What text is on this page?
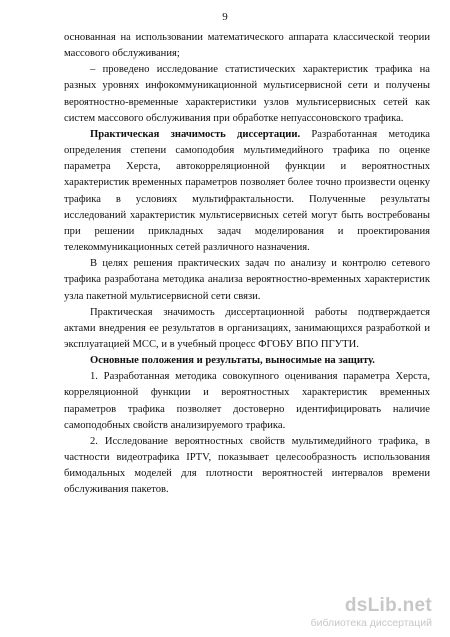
9

основанная на использовании математического аппарата классической теории массового обслуживания;

– проведено исследование статистических характеристик трафика на разных уровнях инфокоммуникационной мультисервисной сети и получены вероятностно-временные характеристики узлов мультисервисных сетей как систем массового обслуживания при обработке непуассоновского трафика.

Практическая значимость диссертации. Разработанная методика определения степени самоподобия мультимедийного трафика по оценке параметра Херста, автокорреляционной функции и вероятностных характеристик временных параметров позволяет более точно произвести оценку трафика в условиях мультифрактальности. Полученные результаты исследований характеристик мультисервисных сетей могут быть востребованы при решении прикладных задач моделирования и проектирования телекоммуникационных сетей различного назначения.

В целях решения практических задач по анализу и контролю сетевого трафика разработана методика анализа вероятностно-временных характеристик узла пакетной мультисервисной сети связи.

Практическая значимость диссертационной работы подтверждается актами внедрения ее результатов в организациях, занимающихся разработкой и эксплуатацией МСС, и в учебный процесс ФГОБУ ВПО ПГУТИ.

Основные положения и результаты, выносимые на защиту.

1. Разработанная методика совокупного оценивания параметра Херста, корреляционной функции и вероятностных характеристик временных параметров трафика позволяет достоверно идентифицировать наличие самоподобных свойств анализируемого трафика.

2. Исследование вероятностных свойств мультимедийного трафика, в частности видеотрафика IPTV, показывает целесообразность использования бимодальных моделей для плотности вероятностей интервалов времени обслуживания пакетов.

dsLib.net
библиотека диссертаций
